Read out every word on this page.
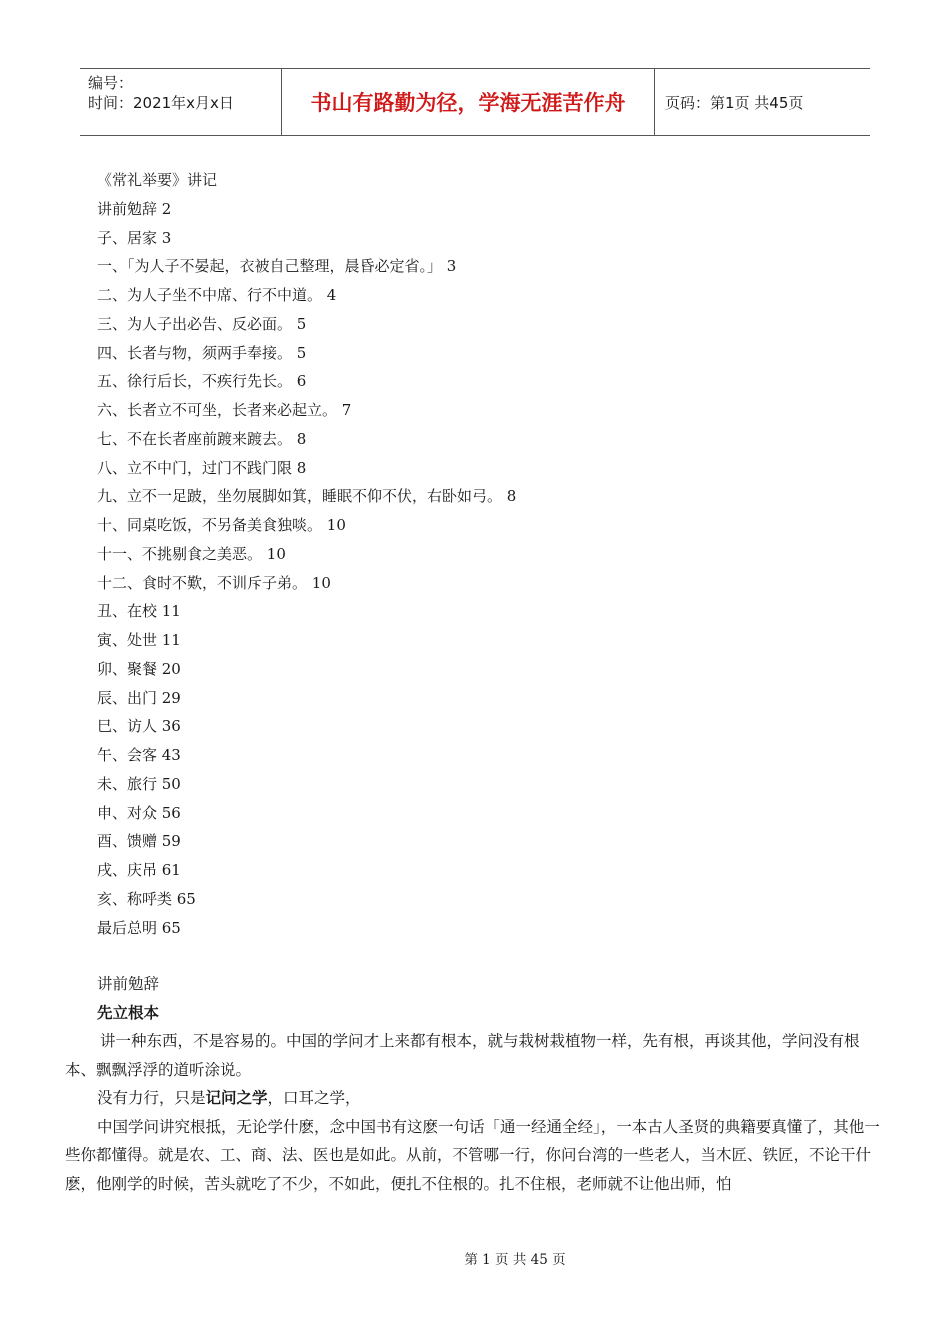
编号：
时间：2021年x月x日	书山有路勤为径，学海无涯苦作舟	页码：第1页 共45页
《常礼举要》讲记
讲前勉辞 2
子、居家 3
一、「为人子不晏起，衣被自己整理，晨昏必定省。」 3
二、为人子坐不中席、行不中道。 4
三、为人子出必告、反必面。 5
四、长者与物，须两手奉接。 5
五、徐行后长，不疾行先长。 6
六、长者立不可坐，长者来必起立。 7
七、不在长者座前踱来踱去。 8
八、立不中门，过门不践门限 8
九、立不一足跛，坐勿展脚如箕，睡眠不仰不伏，右卧如弓。 8
十、同桌吃饭，不另备美食独啖。 10
十一、不挑剔食之美恶。 10
十二、食时不歎，不训斥子弟。 10
丑、在校 11
寅、处世 11
卯、聚餐 20
辰、出门 29
巳、访人 36
午、会客 43
未、旅行 50
申、对众 56
酉、馈赠 59
戌、庆吊 61
亥、称呼类 65
最后总明 65

讲前勉辞

先立根本

讲一种东西，不是容易的。中国的学问才上来都有根本，就与栽树栽植物一样，先有根，再谈其他，学问没有根本、飘飘浮浮的道听涂说。

没有力行，只是记问之学，口耳之学，

中国学问讲究根抵，无论学什麽，念中国书有这麽一句话「通一经通全经」，一本古人圣贤的典籍要真懂了，其他一些你都懂得。就是农、工、商、法、医也是如此。从前，不管哪一行，你问台湾的一些老人，当木匠、铁匠，不论干什麽，他刚学的时候，苦头就吃了不少，不如此，便扎不住根的。扎不住根，老师就不让他出师，怕

第 1 页 共 45 页
